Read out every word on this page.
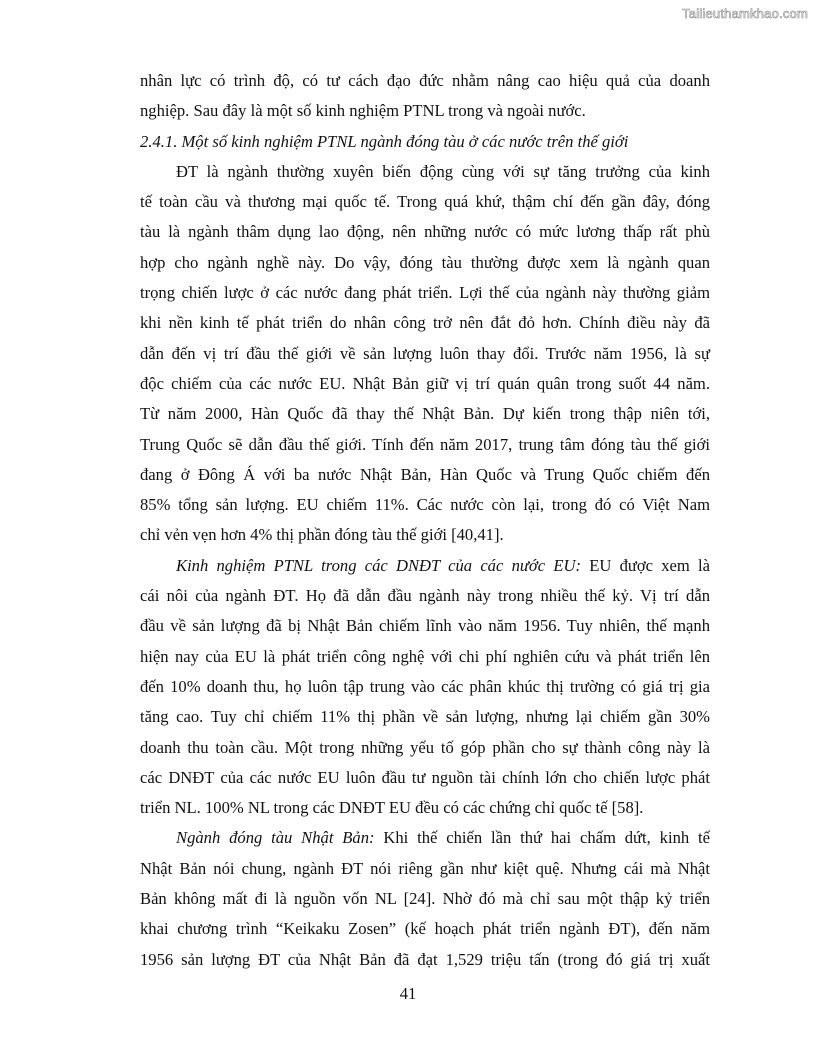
Tailieuthamkhao.com
nhân lực có trình độ, có tư cách đạo đức nhằm nâng cao hiệu quả của doanh
nghiệp. Sau đây là một số kinh nghiệm PTNL trong và ngoài nước.
2.4.1. Một số kinh nghiệm PTNL ngành đóng tàu ở các nước trên thế giới
ĐT là ngành thường xuyên biến động cùng với sự tăng trưởng của kinh
tế toàn cầu và thương mại quốc tế. Trong quá khứ, thậm chí đến gần đây, đóng
tàu là ngành thâm dụng lao động, nên những nước có mức lương thấp rất phù
hợp cho ngành nghề này. Do vậy, đóng tàu thường được xem là ngành quan
trọng chiến lược ở các nước đang phát triển. Lợi thế của ngành này thường giảm
khi nền kinh tế phát triển do nhân công trở nên đắt đỏ hơn. Chính điều này đã
dẫn đến vị trí đầu thế giới về sản lượng luôn thay đổi. Trước năm 1956, là sự
độc chiếm của các nước EU. Nhật Bản giữ vị trí quán quân trong suốt 44 năm.
Từ năm 2000, Hàn Quốc đã thay thế Nhật Bản. Dự kiến trong thập niên tới,
Trung Quốc sẽ dẫn đầu thế giới. Tính đến năm 2017, trung tâm đóng tàu thế giới
đang ở Đông Á với ba nước Nhật Bản, Hàn Quốc và Trung Quốc chiếm đến
85% tổng sản lượng. EU chiếm 11%. Các nước còn lại, trong đó có Việt Nam
chỉ vẻn vẹn hơn 4% thị phần đóng tàu thế giới [40,41].
Kinh nghiệm PTNL trong các DNĐT của các nước EU: EU được xem là
cái nôi của ngành ĐT. Họ đã dẫn đầu ngành này trong nhiều thế kỷ. Vị trí dẫn
đầu về sản lượng đã bị Nhật Bản chiếm lĩnh vào năm 1956. Tuy nhiên, thế mạnh
hiện nay của EU là phát triển công nghệ với chi phí nghiên cứu và phát triển lên
đến 10% doanh thu, họ luôn tập trung vào các phân khúc thị trường có giá trị gia
tăng cao. Tuy chỉ chiếm 11% thị phần về sản lượng, nhưng lại chiếm gần 30%
doanh thu toàn cầu. Một trong những yếu tố góp phần cho sự thành công này là
các DNĐT của các nước EU luôn đầu tư nguồn tài chính lớn cho chiến lược phát
triển NL. 100% NL trong các DNĐT EU đều có các chứng chỉ quốc tế [58].
Ngành đóng tàu Nhật Bản: Khi thế chiến lần thứ hai chấm dứt, kinh tế
Nhật Bản nói chung, ngành ĐT nói riêng gần như kiệt quệ. Nhưng cái mà Nhật
Bản không mất đi là nguồn vốn NL [24]. Nhờ đó mà chỉ sau một thập kỷ triển
khai chương trình “Keikaku Zosen” (kế hoạch phát triển ngành ĐT), đến năm
1956 sản lượng ĐT của Nhật Bản đã đạt 1,529 triệu tấn (trong đó giá trị xuất
41
